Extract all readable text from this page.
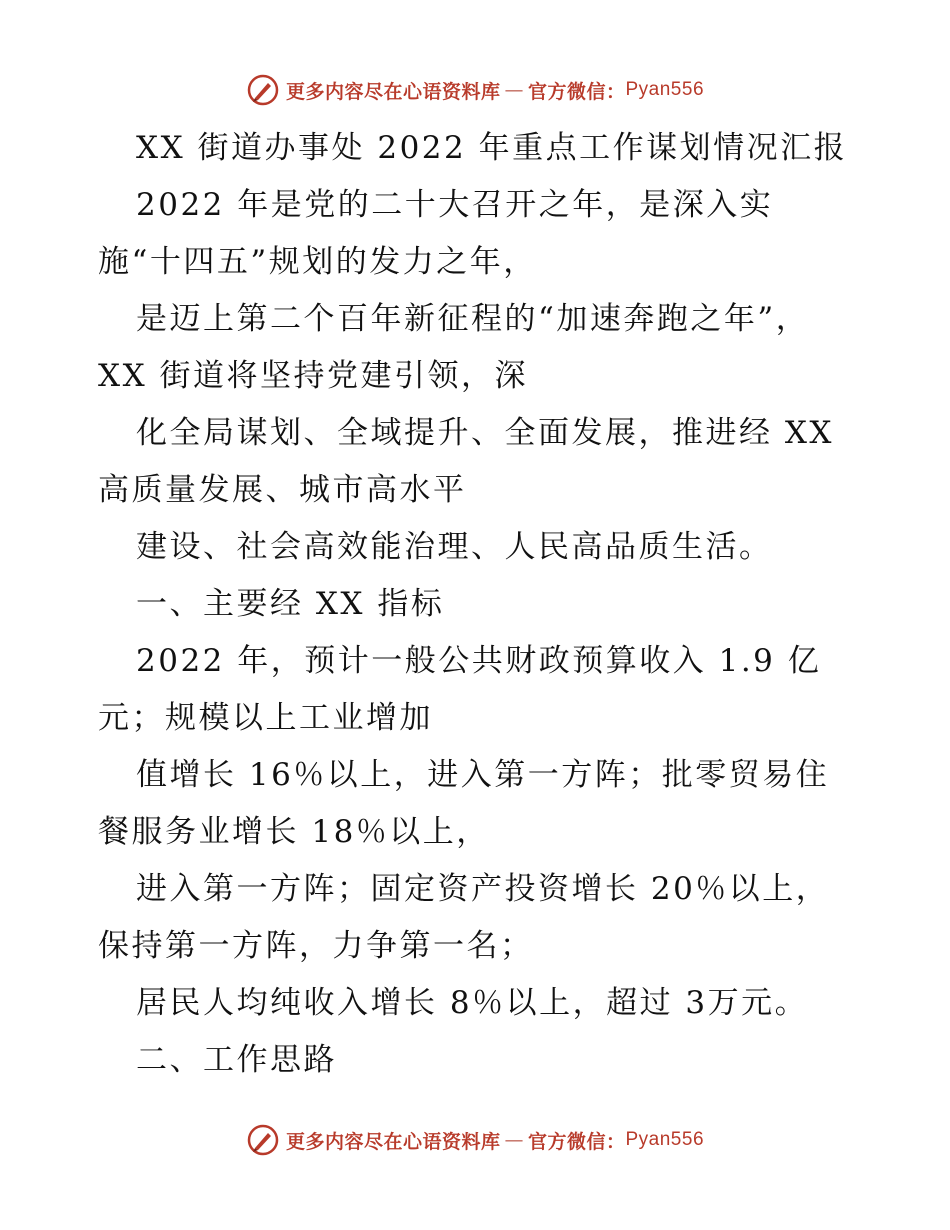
更多内容尽在心语资料库 — 官方微信： Pyan556
XX 街道办事处 2022 年重点工作谋划情况汇报
2022 年是党的二十大召开之年，是深入实
施“十四五”规划的发力之年，
是迈上第二个百年新征程的“加速奔跑之年”，
XX 街道将坚持党建引领，深
化全局谋划、全域提升、全面发展，推进经 XX
高质量发展、城市高水平
建设、社会高效能治理、人民高品质生活。
一、主要经 XX 指标
2022 年，预计一般公共财政预算收入 1.9 亿
元；规模以上工业增加
值增长 16％以上，进入第一方阵；批零贸易住
餐服务业增长 18％以上，
进入第一方阵；固定资产投资增长 20％以上，
保持第一方阵，力争第一名；
居民人均纯收入增长 8％以上，超过 3万元。
二、工作思路
更多内容尽在心语资料库 — 官方微信： Pyan556
